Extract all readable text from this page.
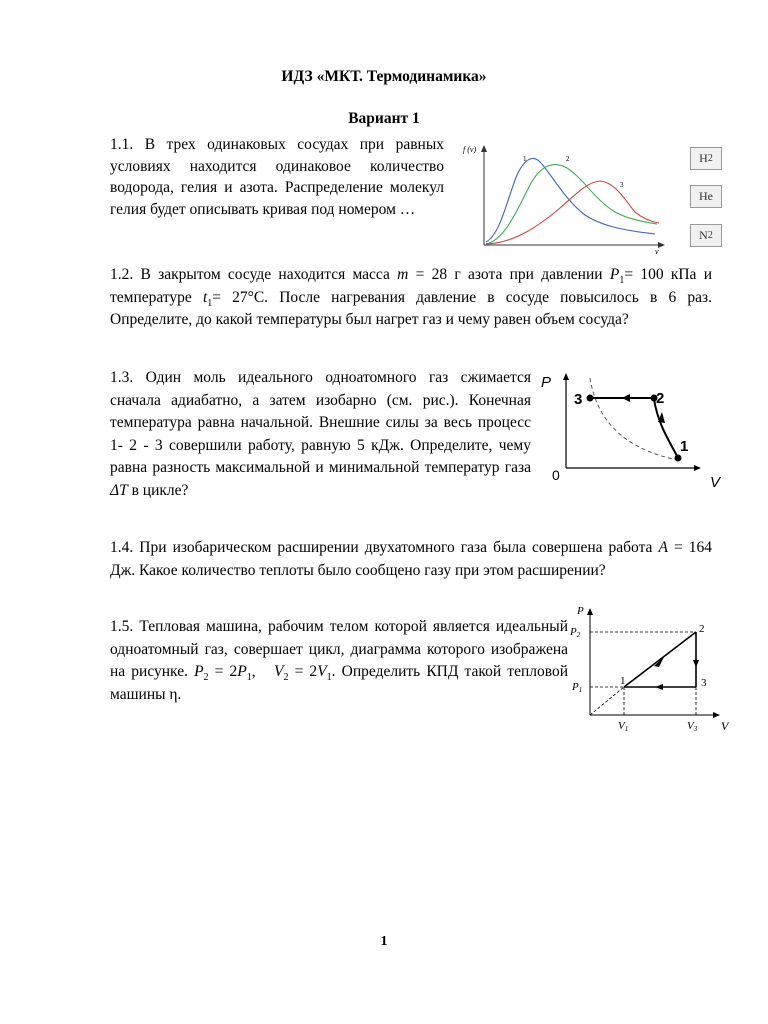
ИДЗ «МКТ. Термодинамика»
Вариант 1
1.1. В трех одинаковых сосудах при равных условиях находится одинаковое количество водорода, гелия и азота. Распределение молекул гелия будет описывать кривая под номером …
f (v)
v
1	2
3
H 2
He
N 2
1.2. В закрытом сосуде находится масса m = 28 г азота при давлении $P_1= 100$ кПа и температуре $t_1= 27^\circ С$. После нагревания давление в сосуде повысилось в 6 раз. Определите, до какой температуры был нагрет газ и чему равен объем сосуда?
1.3. Один моль идеального одноатомного газ сжимается сначала адиабатно, а затем изобарно (см. рис.). Конечная температура равна начальной. Внешние силы за весь процесс 1- 2 - 3 совершили работу, равную 5 кДж. Определите, чему равна разность максимальной и минимальной температур газа ΔT в цикле?
P
V
0
1
2
3
1.4. При изобарическом расширении двухатомного газа была совершена работа A = 164 Дж. Какое количество теплоты было сообщено газу при этом расширении?
1.5. Тепловая машина, рабочим телом которой является идеальный одноатомный газ, совершает цикл, диаграмма которого изображена на рисунке. $P_2 = 2P_1$,   $V_2 = 2V_1$. Определить КПД такой тепловой машины η.
P
V
1
2
3
P2
P1
V1	V3
1
